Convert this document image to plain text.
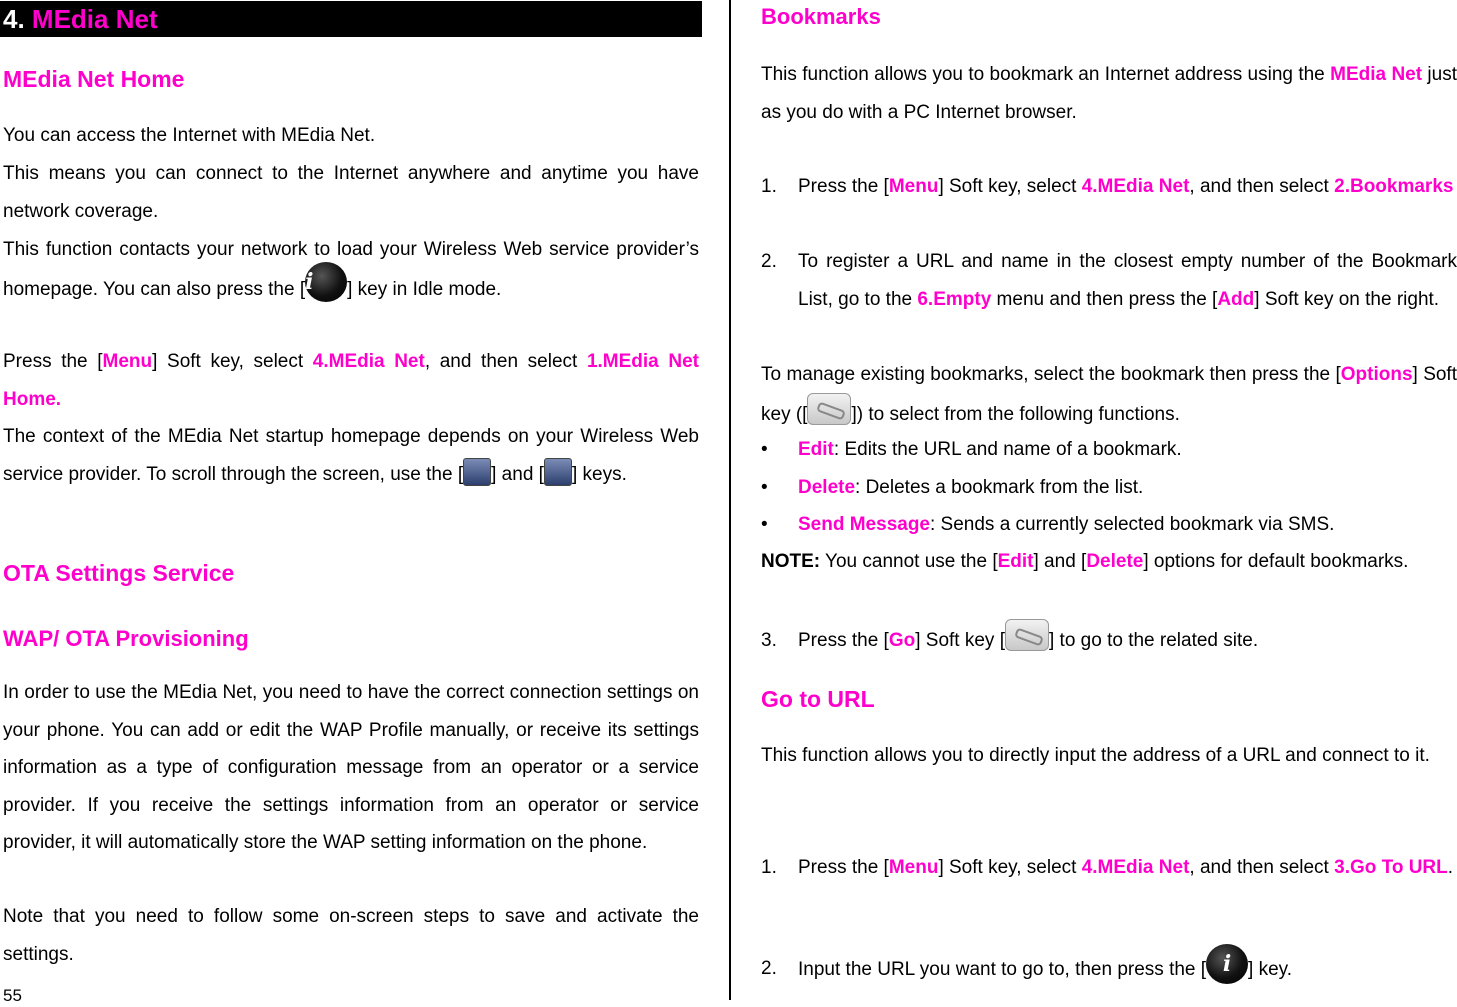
4. MEdia Net
MEdia Net Home

You can access the Internet with MEdia Net.

This means you can connect to the Internet anywhere and anytime you have network coverage.

This function contacts your network to load your Wireless Web service provider’s homepage. You can also press the [i ] key in Idle mode.

Press the [Menu] Soft key, select 4.MEdia Net, and then select 1.MEdia Net Home.

The context of the MEdia Net startup homepage depends on your Wireless Web service provider. To scroll through the screen, use the [ ] and [ ] keys.

OTA Settings Service
WAP/ OTA Provisioning

In order to use the MEdia Net, you need to have the correct connection settings on your phone. You can add or edit the WAP Profile manually, or receive its settings information as a type of configuration message from an operator or a service provider. If you receive the settings information from an operator or service provider, it will automatically store the WAP setting information on the phone.

Note that you need to follow some on-screen steps to save and activate the settings.

Bookmarks

This function allows you to bookmark an Internet address using the MEdia Net just as you do with a PC Internet browser.

1. Press the [Menu] Soft key, select 4.MEdia Net, and then select 2.Bookmarks

2. To register a URL and name in the closest empty number of the Bookmark List, go to the 6.Empty menu and then press the [Add] Soft key on the right.

To manage existing bookmarks, select the bookmark then press the [Options] Soft key ([ ]) to select from the following functions.

• Edit: Edits the URL and name of a bookmark.

• Delete: Deletes a bookmark from the list.

• Send Message: Sends a currently selected bookmark via SMS.

NOTE: You cannot use the [Edit] and [Delete] options for default bookmarks.

3. Press the [Go] Soft key [ ] to go to the related site.

Go to URL

This function allows you to directly input the address of a URL and connect to it.

1. Press the [Menu] Soft key, select 4.MEdia Net, and then select 3.Go To URL.

2. Input the URL you want to go to, then press the [ i ] key.

55
